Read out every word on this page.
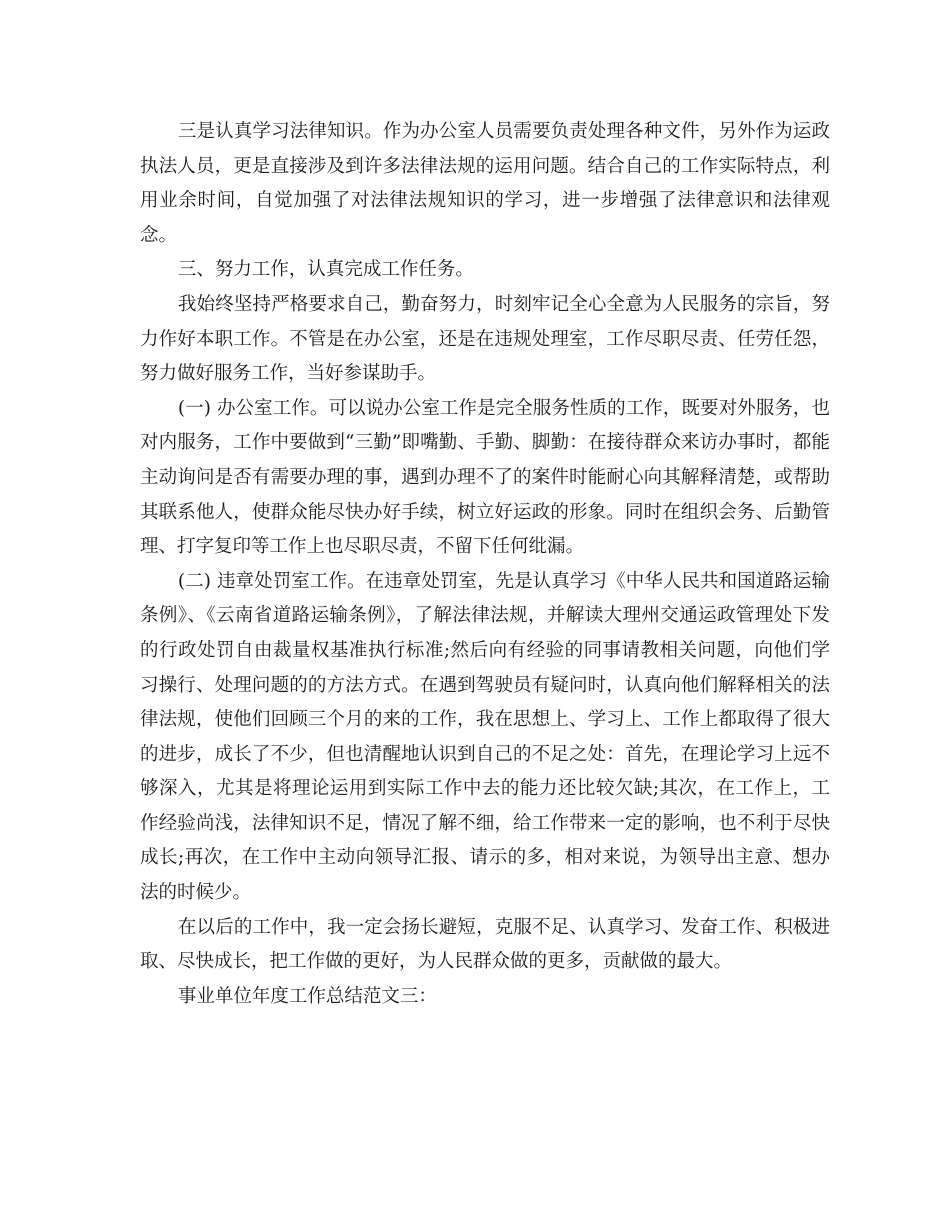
三是认真学习法律知识。作为办公室人员需要负责处理各种文件，另外作为运政执法人员，更是直接涉及到许多法律法规的运用问题。结合自己的工作实际特点，利用业余时间，自觉加强了对法律法规知识的学习，进一步增强了法律意识和法律观念。

三、努力工作，认真完成工作任务。

我始终坚持严格要求自己，勤奋努力，时刻牢记全心全意为人民服务的宗旨，努力作好本职工作。不管是在办公室，还是在违规处理室，工作尽职尽责、任劳任怨，努力做好服务工作，当好参谋助手。

(一) 办公室工作。可以说办公室工作是完全服务性质的工作，既要对外服务，也对内服务，工作中要做到“三勤”即嘴勤、手勤、脚勤：在接待群众来访办事时，都能主动询问是否有需要办理的事，遇到办理不了的案件时能耐心向其解释清楚，或帮助其联系他人，使群众能尽快办好手续，树立好运政的形象。同时在组织会务、后勤管理、打字复印等工作上也尽职尽责，不留下任何纰漏。

(二) 违章处罚室工作。在违章处罚室，先是认真学习《中华人民共和国道路运输条例》、《云南省道路运输条例》，了解法律法规，并解读大理州交通运政管理处下发的行政处罚自由裁量权基准执行标准;然后向有经验的同事请教相关问题，向他们学习操行、处理问题的的方法方式。在遇到驾驶员有疑问时，认真向他们解释相关的法律法规，使他们回顾三个月的来的工作，我在思想上、学习上、工作上都取得了很大的进步，成长了不少，但也清醒地认识到自己的不足之处：首先，在理论学习上远不够深入，尤其是将理论运用到实际工作中去的能力还比较欠缺;其次，在工作上，工作经验尚浅，法律知识不足，情况了解不细，给工作带来一定的影响，也不利于尽快成长;再次，在工作中主动向领导汇报、请示的多，相对来说，为领导出主意、想办法的时候少。

在以后的工作中，我一定会扬长避短，克服不足、认真学习、发奋工作、积极进取、尽快成长，把工作做的更好，为人民群众做的更多，贡献做的最大。

事业单位年度工作总结范文三：
